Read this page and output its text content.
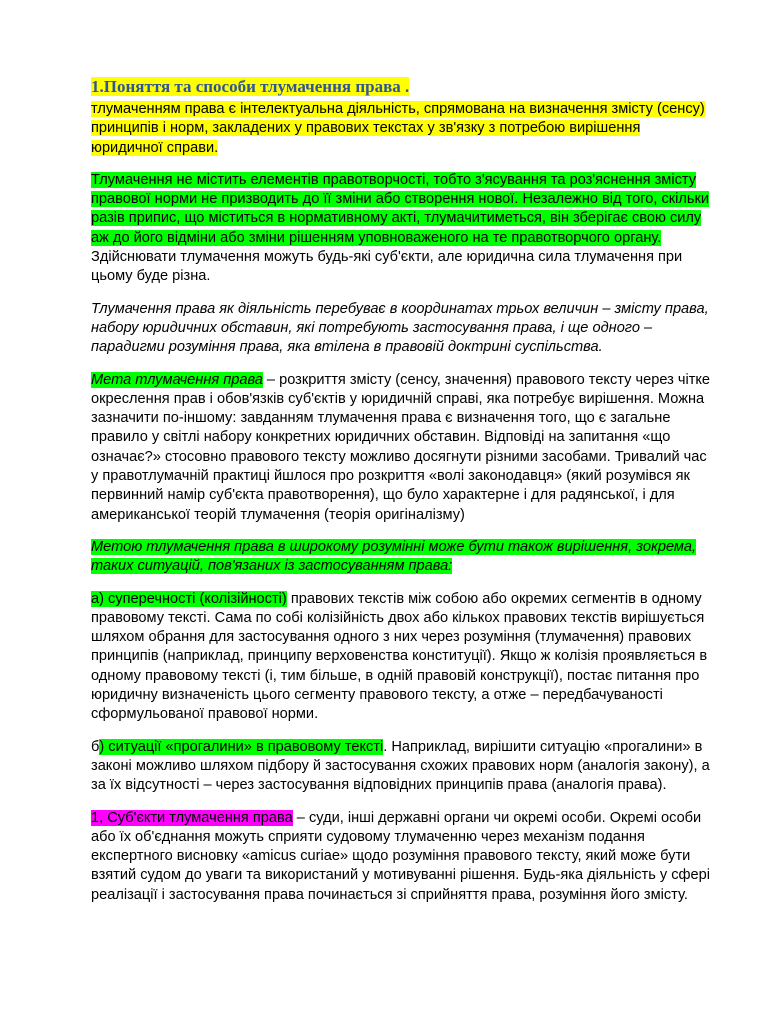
1.Поняття та способи тлумачення права .

тлумаченням права є інтелектуальна діяльність, спрямована на визначення змісту (сенсу) принципів і норм, закладених у правових текстах у зв'язку з потребою вирішення юридичної справи.

Тлумачення не містить елементів правотворчості, тобто з'ясування та роз'яснення змісту правової норми не призводить до її зміни або створення нової. Незалежно від того, скільки разів припис, що міститься в нормативному акті, тлумачитиметься, він зберігає свою силу аж до його відміни або зміни рішенням уповноваженого на те правотворчого органу. Здійснювати тлумачення можуть будь-які суб'єкти, але юридична сила тлумачення при цьому буде різна.

Тлумачення права як діяльність перебуває в координатах трьох величин – змісту права, набору юридичних обставин, які потребують застосування права, і ще одного – парадигми розуміння права, яка втілена в правовій доктрині суспільства.

Мета тлумачення права – розкриття змісту (сенсу, значення) правового тексту через чітке окреслення прав і обов'язків суб'єктів у юридичній справі, яка потребує вирішення. Можна зазначити по-іншому: завданням тлумачення права є визначення того, що є загальне правило у світлі набору конкретних юридичних обставин. Відповіді на запитання «що означає?» стосовно правового тексту можливо досягнути різними засобами. Тривалий час у правотлумачній практиці йшлося про розкриття «волі законодавця» (який розумівся як первинний намір суб'єкта правотворення), що було характерне і для радянської, і для американської теорій тлумачення (теорія оригіналізму)

Метою тлумачення права в широкому розумінні може бути також вирішення, зокрема, таких ситуацій, пов'язаних із застосуванням права:

а) суперечності (колізійності) правових текстів між собою або окремих сегментів в одному правовому тексті. Сама по собі колізійність двох або кількох правових текстів вирішується шляхом обрання для застосування одного з них через розуміння (тлумачення) правових принципів (наприклад, принципу верховенства конституції). Якщо ж колізія проявляється в одному правовому тексті (і, тим більше, в одній правовій конструкції), постає питання про юридичну визначеність цього сегменту правового тексту, а отже – передбачуваності сформульованої правової норми.

б) ситуації «прогалини» в правовому тексті. Наприклад, вирішити ситуацію «прогалини» в законі можливо шляхом підбору й застосування схожих правових норм (аналогія закону), а за їх відсутності – через застосування відповідних принципів права (аналогія права).

1, Суб'єкти тлумачення права – суди, інші державні органи чи окремі особи. Окремі особи або їх об'єднання можуть сприяти судовому тлумаченню через механізм подання експертного висновку «amicus curiae» щодо розуміння правового тексту, який може бути взятий судом до уваги та використаний у мотивуванні рішення. Будь-яка діяльність у сфері реалізації і застосування права починається зі сприйняття права, розуміння його змісту.
